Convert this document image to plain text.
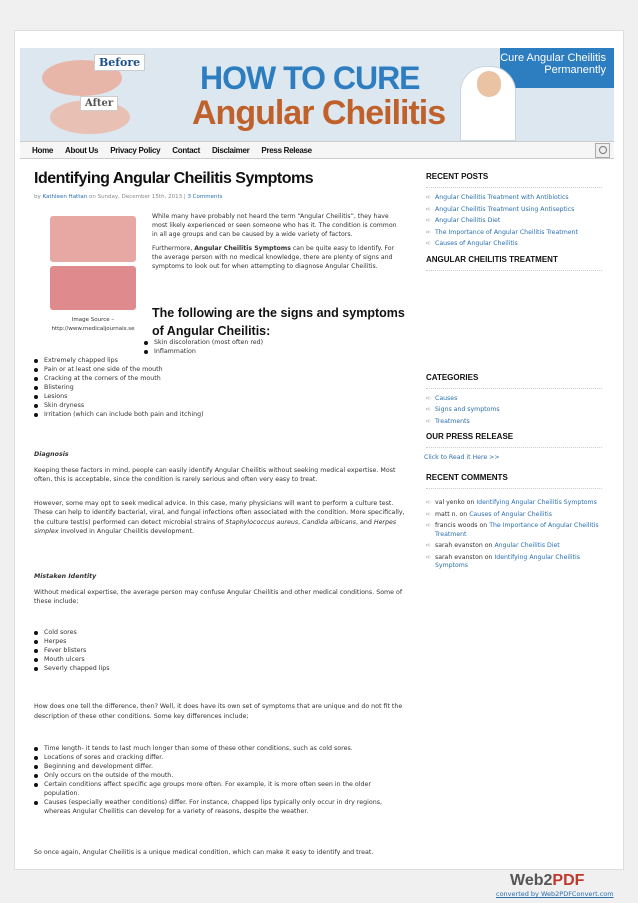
Before
After
HOW TO CURE
Angular Cheilitis
Cure Angular Cheilitis
Permanently
Home About Us Privacy Policy Contact Disclaimer Press Release
Identifying Angular Cheilitis Symptoms
by Kathleen Hattan on Sunday, December 15th, 2013 | 3 Comments
Image Source –
http://www.medicaljournals.se

While many have probably not heard the term “Angular Cheilitis”, they have most likely experienced or seen someone who has it. The condition is common in all age groups and can be caused by a wide variety of factors.

Furthermore, Angular Cheilitis Symptoms can be quite easy to identify. For the average person with no medical knowledge, there are plenty of signs and symptoms to look out for when attempting to diagnose Angular Cheilitis.

The following are the signs and symptoms of Angular Cheilitis:
Skin discoloration (most often red)
Inflammation
Extremely chapped lips
Pain or at least one side of the mouth
Cracking at the corners of the mouth
Blistering
Lesions
Skin dryness
Irritation (which can include both pain and itching)
Diagnosis

Keeping these factors in mind, people can easily identify Angular Cheilitis without seeking medical expertise. Most often, this is acceptable, since the condition is rarely serious and often very easy to treat.

However, some may opt to seek medical advice. In this case, many physicians will want to perform a culture test. These can help to identify bacterial, viral, and fungal infections often associated with the condition. More specifically, the culture test(s) performed can detect microbial strains of Staphylococcus aureus, Candida albicans, and Herpes simplex involved in Angular Cheilitis development.

Mistaken Identity

Without medical expertise, the average person may confuse Angular Cheilitis and other medical conditions. Some of these include;

Cold sores
Herpes
Fever blisters
Mouth ulcers
Severly chapped lips
How does one tell the difference, then? Well, it does have its own set of symptoms that are unique and do not fit the description of these other conditions. Some key differences include;
Time length- it tends to last much longer than some of these other conditions, such as cold sores.
Locations of sores and cracking differ.
Beginning and development differ.
Only occurs on the outside of the mouth.
Certain conditions affect specific age groups more often. For example, it is more often seen in the older population.
Causes (especially weather conditions) differ. For instance, chapped lips typically only occur in dry regions, whereas Angular Cheilitis can develop for a variety of reasons, despite the weather.
So once again, Angular Cheilitis is a unique medical condition, which can make it easy to identify and treat.
RECENT POSTS
➪ Angular Cheilitis Treatment with Antibiotics
➪ Angular Cheilitis Treatment Using Antiseptics
➪ Angular Cheilitis Diet
➪ The Importance of Angular Cheilitis Treatment
➪ Causes of Angular Cheilitis
ANGULAR CHEILITIS TREATMENT
CATEGORIES
➪ Causes
➪ Signs and symptoms
➪ Treatments
OUR PRESS RELEASE
Click to Read it Here >>
RECENT COMMENTS
➪ val yenko on Identifying Angular Cheilitis Symptoms
➪ matt n. on Causes of Angular Cheilitis
➪ francis woods on The Importance of Angular Cheilitis Treatment
➪ sarah evanston on Angular Cheilitis Diet
➪ sarah evanston on Identifying Angular Cheilitis Symptoms
Web2PDF
converted by Web2PDFConvert.com
